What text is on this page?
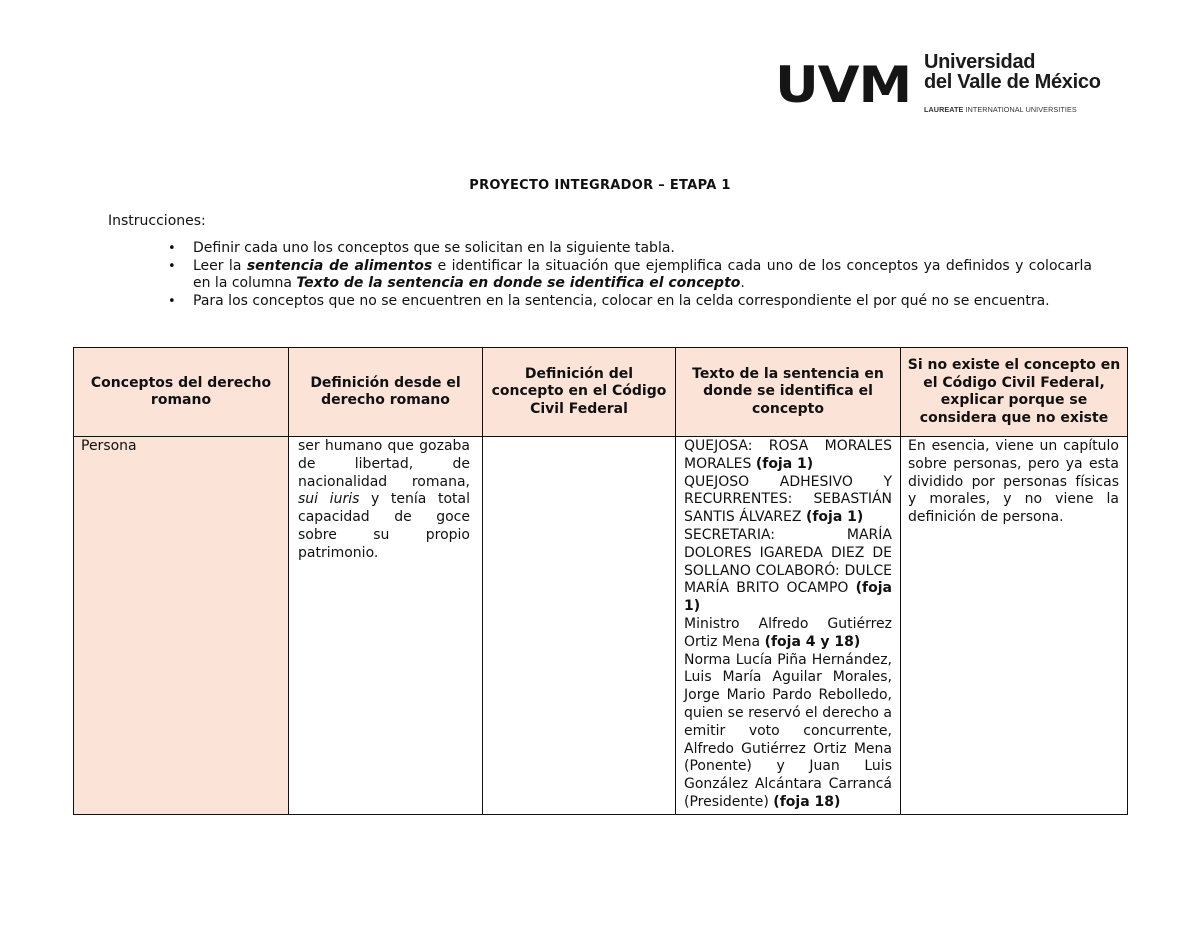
UVM Universidad
del Valle de México
LAUREATE INTERNATIONAL UNIVERSITIES
PROYECTO INTEGRADOR – ETAPA 1
Instrucciones:
• Definir cada uno los conceptos que se solicitan en la siguiente tabla.
• Leer la sentencia de alimentos e identificar la situación que ejemplifica cada uno de los conceptos ya definidos y colocarla en la columna Texto de la sentencia en donde se identifica el concepto.
• Para los conceptos que no se encuentren en la sentencia, colocar en la celda correspondiente el por qué no se encuentra.
Conceptos del derecho romano	Definición desde el derecho romano	Definición del concepto en el Código Civil Federal	Texto de la sentencia en donde se identifica el concepto	Si no existe el concepto en el Código Civil Federal, explicar porque se considera que no existe
Persona	ser humano que gozaba de libertad, de nacionalidad romana, sui iuris y tenía total capacidad de goce sobre su propio patrimonio.		QUEJOSA: ROSA MORALES MORALES (foja 1)
QUEJOSO ADHESIVO Y RECURRENTES: SEBASTIÁN SANTIS ÁLVAREZ (foja 1)
SECRETARIA: MARÍA DOLORES IGAREDA DIEZ DE SOLLANO COLABORÓ: DULCE MARÍA BRITO OCAMPO (foja 1)
Ministro Alfredo Gutiérrez Ortiz Mena (foja 4 y 18)
Norma Lucía Piña Hernández, Luis María Aguilar Morales, Jorge Mario Pardo Rebolledo, quien se reservó el derecho a emitir voto concurrente, Alfredo Gutiérrez Ortiz Mena (Ponente) y Juan Luis González Alcántara Carrancá (Presidente) (foja 18)	En esencia, viene un capítulo sobre personas, pero ya esta dividido por personas físicas y morales, y no viene la definición de persona.
